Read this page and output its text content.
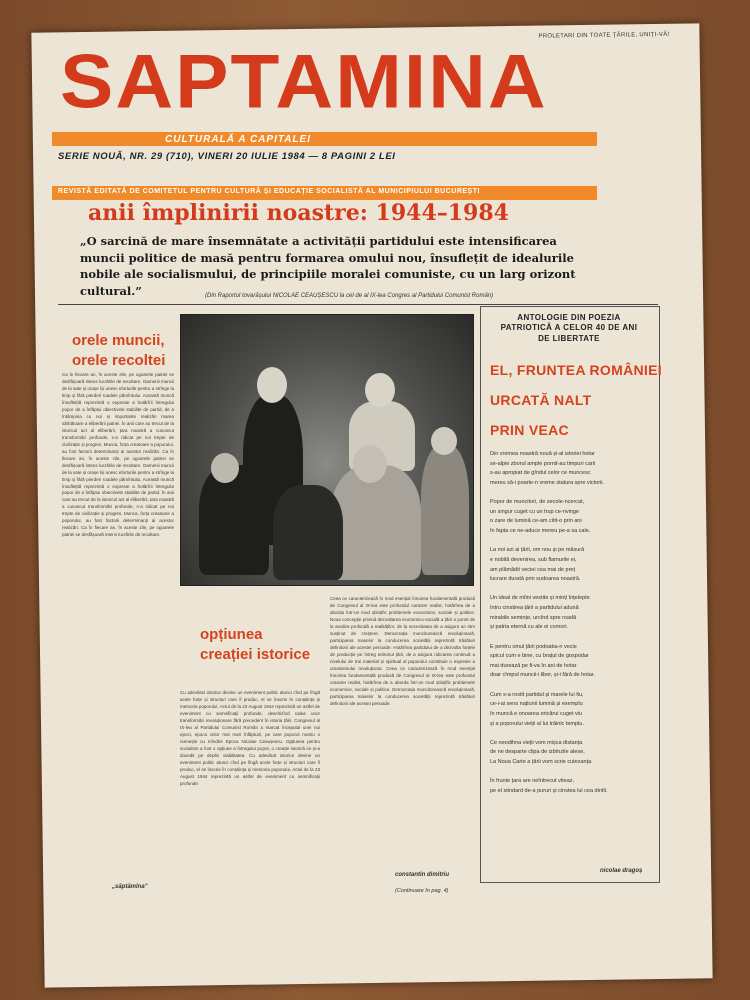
PROLETARI DIN TOATE ȚĂRILE, UNIȚI-VĂ!
SAPTAMINA
CULTURALĂ A CAPITALEI
SERIE NOUĂ, NR. 29 (710), VINERI 20 IULIE 1984 — 8 PAGINI 2 LEI
REVISTĂ EDITATĂ DE COMITETUL PENTRU CULTURĂ ȘI EDUCAȚIE SOCIALISTĂ AL MUNICIPIULUI BUCUREȘTI
anii împlinirii noastre: 1944–1984
„O sarcină de mare însemnătate a activității partidului este intensificarea muncii politice de masă pentru formarea omului nou, însuflețit de idealurile nobile ale socialismului, de principiile moralei comuniste, cu un larg orizont cultural.”	(Din Raportul tovarășului NICOLAE CEAUȘESCU la cel de al IX-lea Congres al Partidului Comunist Român)
orele muncii,
orele recoltei
Ca în fiecare an, în aceste zile, pe ogoarele patriei se desfășoară intens lucrările de recoltare. Oamenii muncii de la sate și orașe își unesc eforturile pentru a strînge la timp și fără pierderi roadele pămîntului. Această muncă însuflețită reprezintă o expresie a hotărîrii întregului popor de a înfăptui obiectivele stabilite de partid, de a întâmpina cu noi și importante realizări marea sărbătoare a eliberării patriei. În anii care au trecut de la istoricul act al eliberării, țara noastră a cunoscut transformări profunde, s-a ridicat pe noi trepte de civilizație și progres. Munca, forța creatoare a poporului, au fost factorii determinanți ai acestor realizări. Ca în fiecare an, în aceste zile, pe ogoarele patriei se desfășoară intens lucrările de recoltare. Oamenii muncii de la sate și orașe își unesc eforturile pentru a strînge la timp și fără pierderi roadele pămîntului. Această muncă însuflețită reprezintă o expresie a hotărîrii întregului popor de a înfăptui obiectivele stabilite de partid. În anii care au trecut de la istoricul act al eliberării, țara noastră a cunoscut transformări profunde, s-a ridicat pe noi trepte de civilizație și progres. Munca, forța creatoare a poporului, au fost factorii determinanți ai acestor realizări. Ca în fiecare an, în aceste zile, pe ogoarele patriei se desfășoară intens lucrările de recoltare.
„săptămîna”
opțiunea
creației istorice
Cu adevărat istorice devine un eveniment politic atunci cînd pe lîngă acele forțe și structuri care îl produc, el se înscrie în conștiința și memoria poporului. Actul de la 23 August 1944 reprezintă un astfel de eveniment cu semnificații profunde, deschizînd calea unor transformări revoluționare fără precedent în istoria țării. Congresul al IX-lea al Partidului Comunist Român a marcat începutul unei noi epoci, epoca celor mai mari înfăptuiri, pe care poporul nostru o numește cu mîndrie Epoca Nicolae Ceaușescu. Opțiunea pentru socialism a fost o opțiune a întregului popor, o creație istorică ce și-a dovedit pe deplin viabilitatea. Cu adevărat istorice devine un eveniment politic atunci cînd pe lîngă acele forțe și structuri care îl produc, el se înscrie în conștiința și memoria poporului. Actul de la 23 August 1944 reprezintă un astfel de eveniment cu semnificații profunde.
Ceea ce caracterizează în mod esențial înnoirea fundamentală produsă de Congresul al IX-lea este profundul caracter realist, hotărîrea de a aborda într-un mod științific problemele economice, sociale și politice. Noua concepție privind dezvoltarea economico-socială a țării a pornit de la analiza profundă a realităților, de la necesitatea de a asigura un ritm susținut de creștere. Democrația muncitorească revoluționară, participarea maselor la conducerea societății reprezintă trăsături definitorii ale acestei perioade. Hotărîrea partidului de a dezvolta forțele de producție pe întreg teritoriul țării, de a asigura ridicarea continuă a nivelului de trai material și spiritual al poporului constituie o expresie a umanismului revoluționar. Ceea ce caracterizează în mod esențial înnoirea fundamentală produsă de Congresul al IX-lea este profundul caracter realist, hotărîrea de a aborda într-un mod științific problemele economice, sociale și politice. Democrația muncitorească revoluționară, participarea maselor la conducerea societății reprezintă trăsături definitorii ale acestei perioade.
constantin dimitriu
(Continuare în pag. 4)
ANTOLOGIE DIN POEZIA PATRIOTICĂ A CELOR 40 DE ANI DE LIBERTATE
EL, FRUNTEA ROMÂNIEI
URCATĂ NALT
PRIN VEAC
Din vremea noastră nouă și-al istoriei hotar
se-alpie zborul ample pornit-au timpuri carii
s-au apropiat de gîndul celor ce muncesc
mereu să-i poarte-n vreme statura spre victorii.

Popor de muncitori, de secole-ncercat,
un singur cuget cu un trup ce-nvinge
o zare de lumină ce-am citit-o prin ani
în fapta ce ne-aduce mereu pe-a sa cale.

La noi azi ai țării, om nou și pe măsură
e nobilă devenirea, sub flamurile ei,
am plămădit veciei cea mai de preț
lucrare durată prin sudoarea noastră.

Un ideal de mîini vestite și minți înțelepte
întru cinstirea țării a partidului adună
mirabile semințe, urcînd spre roadă
și patria eternă cu ale ei comori.

E pentru omul țării podoaba-n vecie
spicul cum e bine, cu brațul de gospodar
mai durează pe fi-va în ani de hotar
doar cîmpul muncii-i liber, și-i fără de hotar.

Cum s-a rostit partidul și marele lui fiu,
ce-i-ai sens națiunii lumină și exemplu
în muncă e onoarea oricărui cuget viu
și a poporului vieții al lui trăinic templu.

Ce neodihna vieții vom mișca distanța
de ne desparte clipa de izbînzile alese,
La Noua Carte a țării vom scrie cutezanța.

În frunte țara are neîntrecut viteaz,
pe el stindard de-a pururi și cinstea lui cea dintîi.
nicolae dragoș
